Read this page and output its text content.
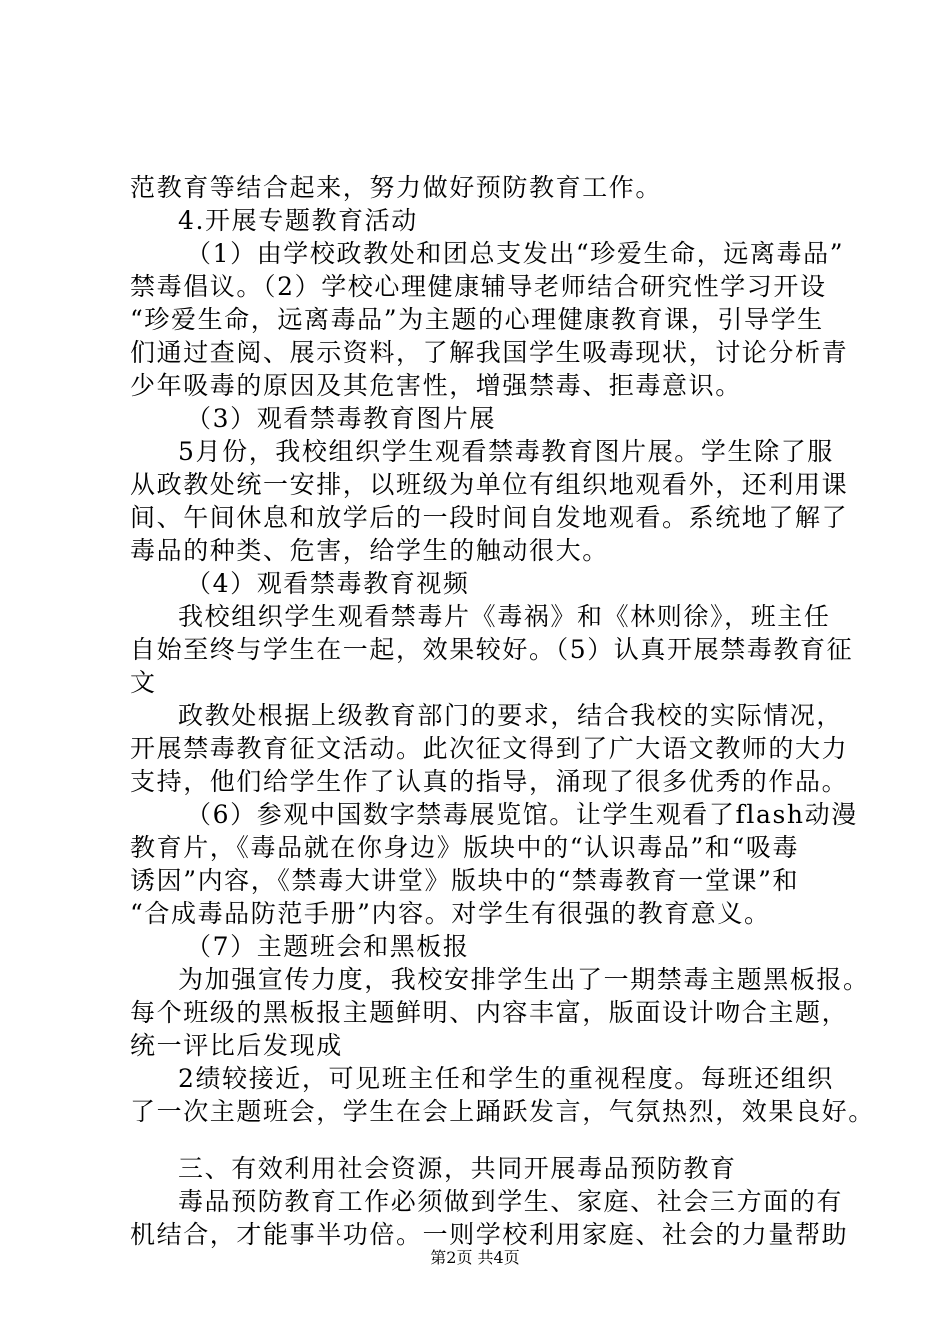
范教育等结合起来，努力做好预防教育工作。
4.开展专题教育活动
（1）由学校政教处和团总支发出“珍爱生命，远离毒品”
禁毒倡议。（2）学校心理健康辅导老师结合研究性学习开设
“珍爱生命，远离毒品”为主题的心理健康教育课，引导学生
们通过查阅、展示资料，了解我国学生吸毒现状，讨论分析青
少年吸毒的原因及其危害性，增强禁毒、拒毒意识。
（3）观看禁毒教育图片展
5月份，我校组织学生观看禁毒教育图片展。学生除了服
从政教处统一安排，以班级为单位有组织地观看外，还利用课
间、午间休息和放学后的一段时间自发地观看。系统地了解了
毒品的种类、危害，给学生的触动很大。
（4）观看禁毒教育视频
我校组织学生观看禁毒片《毒祸》和《林则徐》，班主任
自始至终与学生在一起，效果较好。（5）认真开展禁毒教育征
文
政教处根据上级教育部门的要求，结合我校的实际情况，
开展禁毒教育征文活动。此次征文得到了广大语文教师的大力
支持，他们给学生作了认真的指导，涌现了很多优秀的作品。
（6）参观中国数字禁毒展览馆。让学生观看了flash动漫
教育片，《毒品就在你身边》版块中的“认识毒品”和“吸毒
诱因”内容，《禁毒大讲堂》版块中的“禁毒教育一堂课”和
“合成毒品防范手册”内容。对学生有很强的教育意义。
（7）主题班会和黑板报
为加强宣传力度，我校安排学生出了一期禁毒主题黑板报。
每个班级的黑板报主题鲜明、内容丰富，版面设计吻合主题，
统一评比后发现成
2绩较接近，可见班主任和学生的重视程度。每班还组织
了一次主题班会，学生在会上踊跃发言，气氛热烈，效果良好。
三、有效利用社会资源，共同开展毒品预防教育
毒品预防教育工作必须做到学生、家庭、社会三方面的有
机结合，才能事半功倍。一则学校利用家庭、社会的力量帮助
第2页 共4页
